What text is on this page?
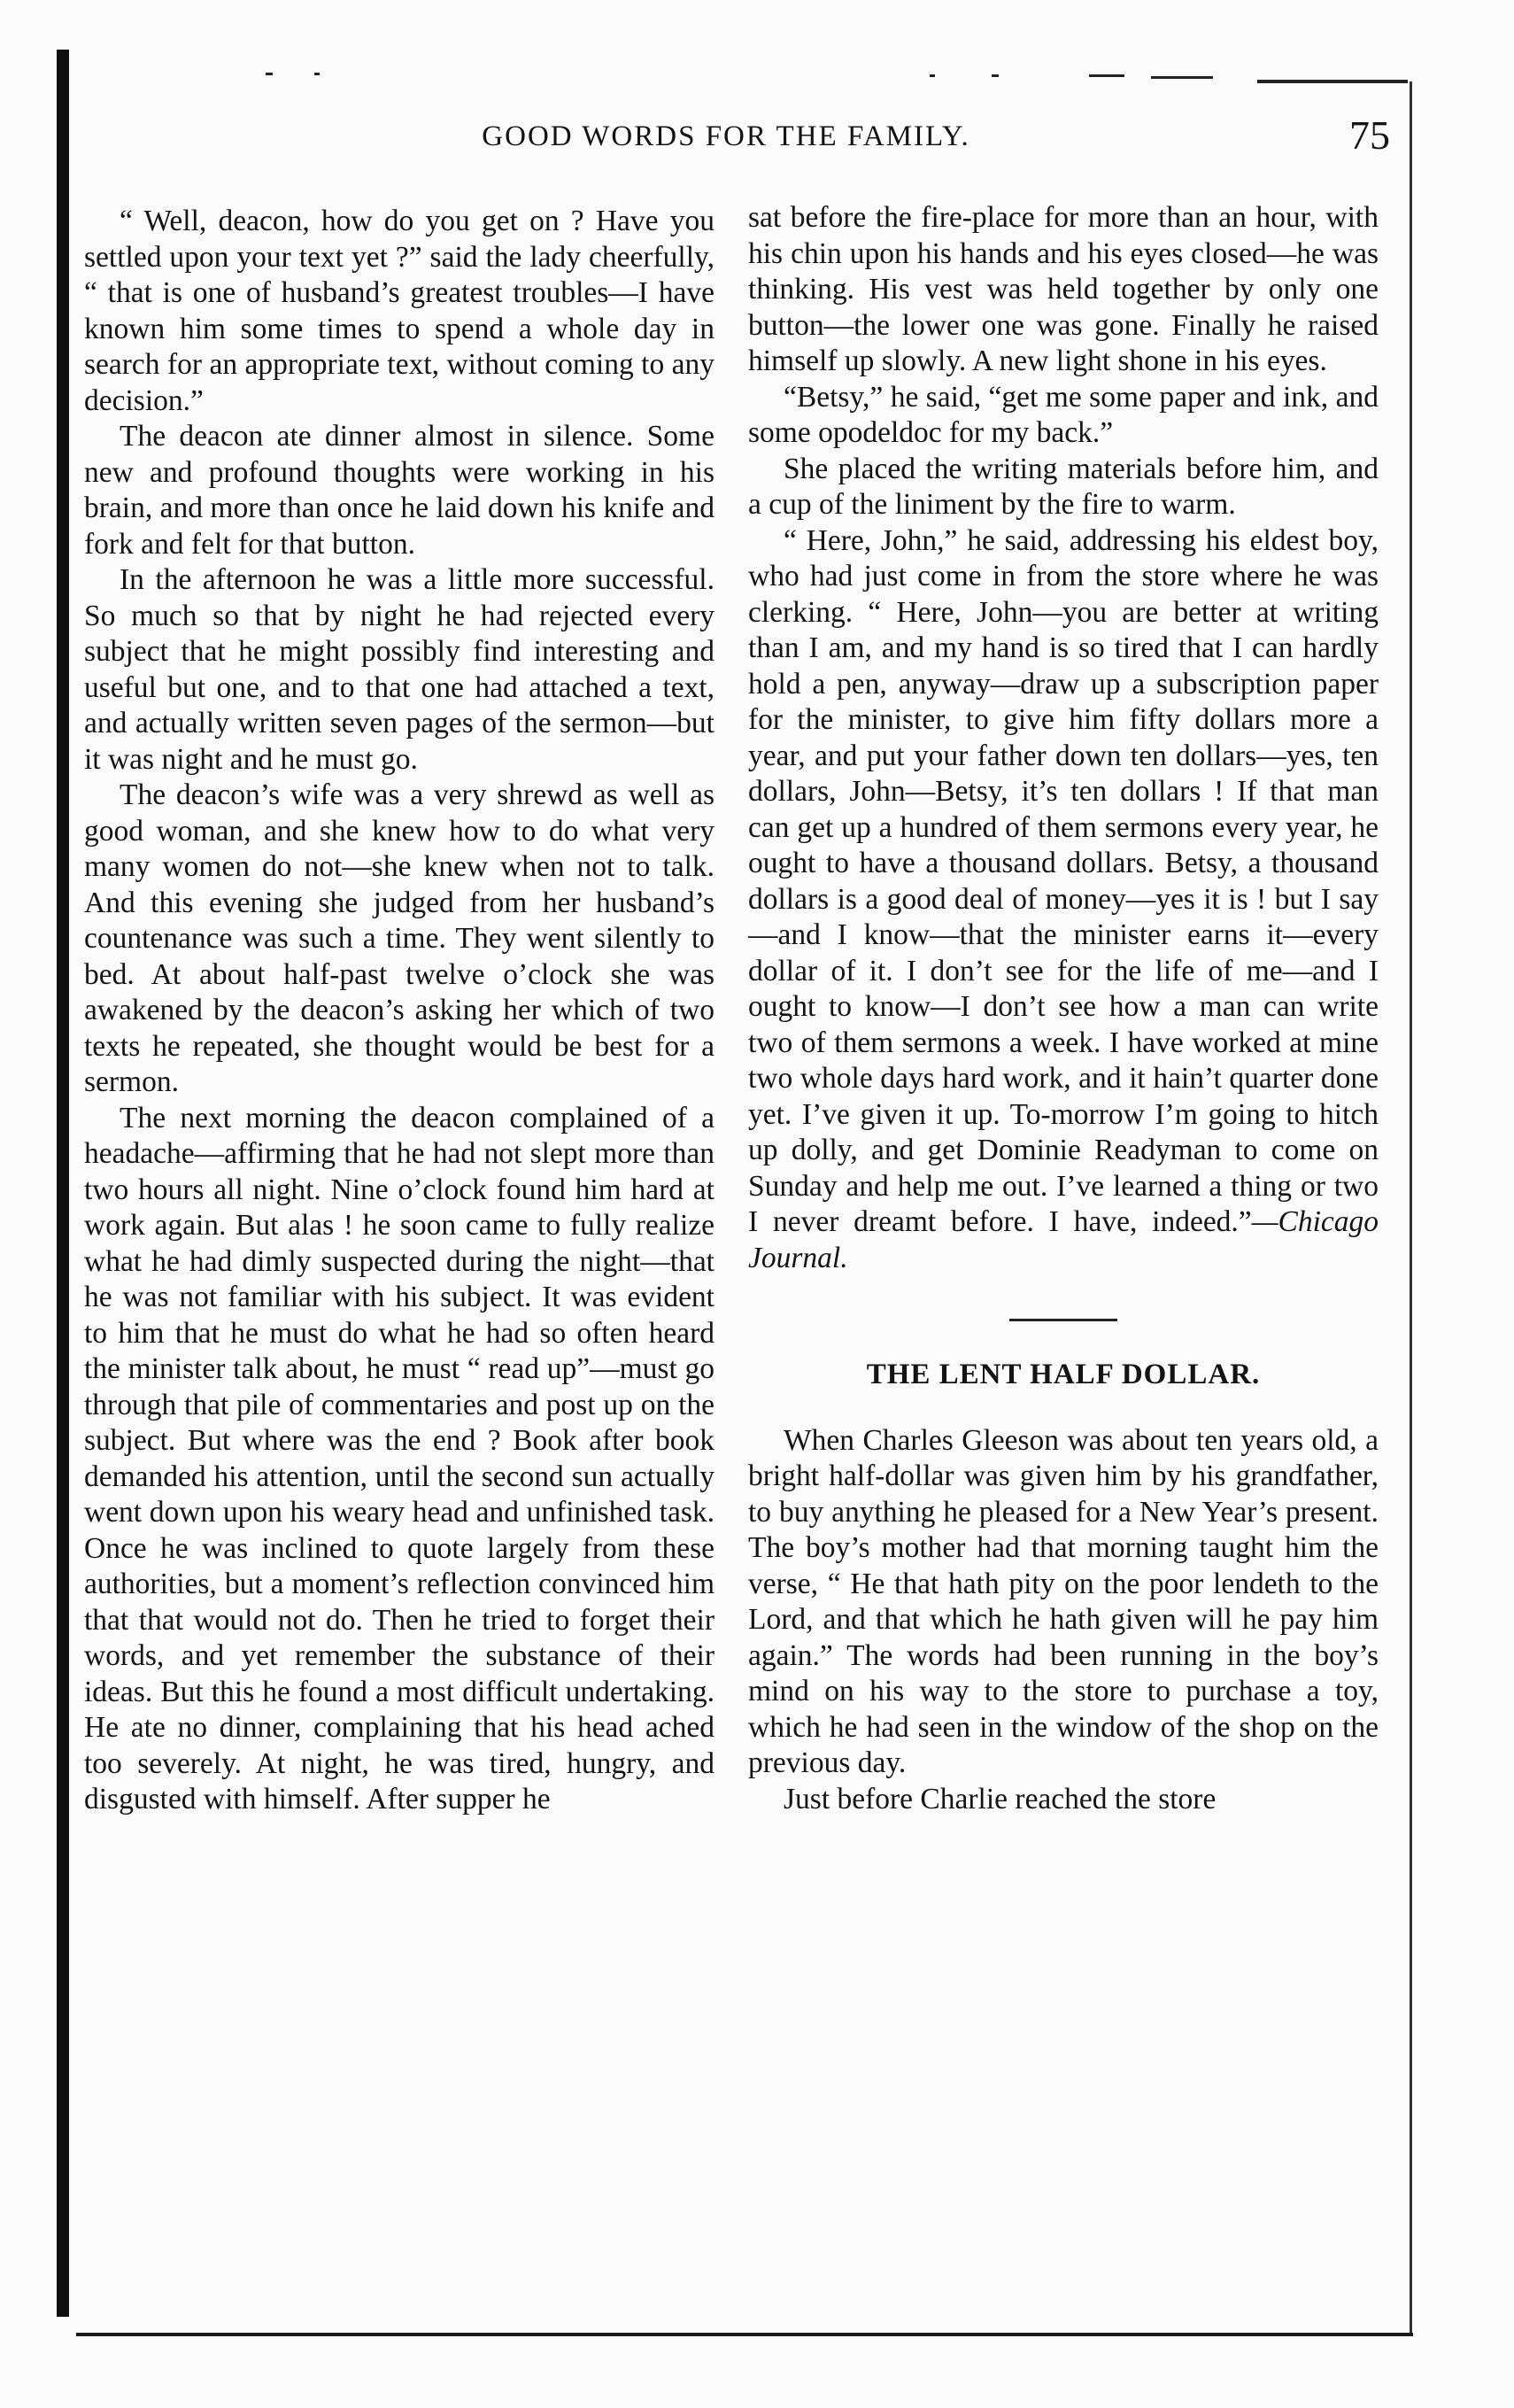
GOOD WORDS FOR THE FAMILY.	75

“ Well, deacon, how do you get on ? Have you settled upon your text yet ?” said the lady cheerfully, “ that is one of husband’s greatest troubles—I have known him some times to spend a whole day in search for an appropriate text, without coming to any decision.”

The deacon ate dinner almost in silence. Some new and profound thoughts were working in his brain, and more than once he laid down his knife and fork and felt for that button.

In the afternoon he was a little more successful. So much so that by night he had rejected every subject that he might possibly find interesting and useful but one, and to that one had attached a text, and actually written seven pages of the sermon—but it was night and he must go.

The deacon’s wife was a very shrewd as well as good woman, and she knew how to do what very many women do not—she knew when not to talk. And this evening she judged from her husband’s countenance was such a time. They went silently to bed. At about half-past twelve o’clock she was awakened by the deacon’s asking her which of two texts he repeated, she thought would be best for a sermon.

The next morning the deacon complained of a headache—affirming that he had not slept more than two hours all night. Nine o’clock found him hard at work again. But alas ! he soon came to fully realize what he had dimly suspected during the night—that he was not familiar with his subject. It was evident to him that he must do what he had so often heard the minister talk about, he must “ read up”—must go through that pile of commentaries and post up on the subject. But where was the end ? Book after book demanded his attention, until the second sun actually went down upon his weary head and unfinished task. Once he was inclined to quote largely from these authorities, but a moment’s reflection convinced him that that would not do. Then he tried to forget their words, and yet remember the substance of their ideas. But this he found a most difficult undertaking. He ate no dinner, complaining that his head ached too severely. At night, he was tired, hungry, and disgusted with himself. After supper he

sat before the fire-place for more than an hour, with his chin upon his hands and his eyes closed—he was thinking. His vest was held together by only one button—the lower one was gone. Finally he raised himself up slowly. A new light shone in his eyes.

“Betsy,” he said, “get me some paper and ink, and some opodeldoc for my back.”

She placed the writing materials before him, and a cup of the liniment by the fire to warm.

“ Here, John,” he said, addressing his eldest boy, who had just come in from the store where he was clerking. “ Here, John—you are better at writing than I am, and my hand is so tired that I can hardly hold a pen, anyway—draw up a subscription paper for the minister, to give him fifty dollars more a year, and put your father down ten dollars—yes, ten dollars, John—Betsy, it’s ten dollars ! If that man can get up a hundred of them sermons every year, he ought to have a thousand dollars. Betsy, a thousand dollars is a good deal of money—yes it is ! but I say—and I know—that the minister earns it—every dollar of it. I don’t see for the life of me—and I ought to know—I don’t see how a man can write two of them sermons a week. I have worked at mine two whole days hard work, and it hain’t quarter done yet. I’ve given it up. To-morrow I’m going to hitch up dolly, and get Dominie Readyman to come on Sunday and help me out. I’ve learned a thing or two I never dreamt before. I have, indeed.”—Chicago Journal.

THE LENT HALF DOLLAR.

When Charles Gleeson was about ten years old, a bright half-dollar was given him by his grandfather, to buy anything he pleased for a New Year’s present. The boy’s mother had that morning taught him the verse, “ He that hath pity on the poor lendeth to the Lord, and that which he hath given will he pay him again.” The words had been running in the boy’s mind on his way to the store to purchase a toy, which he had seen in the window of the shop on the previous day.

Just before Charlie reached the store
